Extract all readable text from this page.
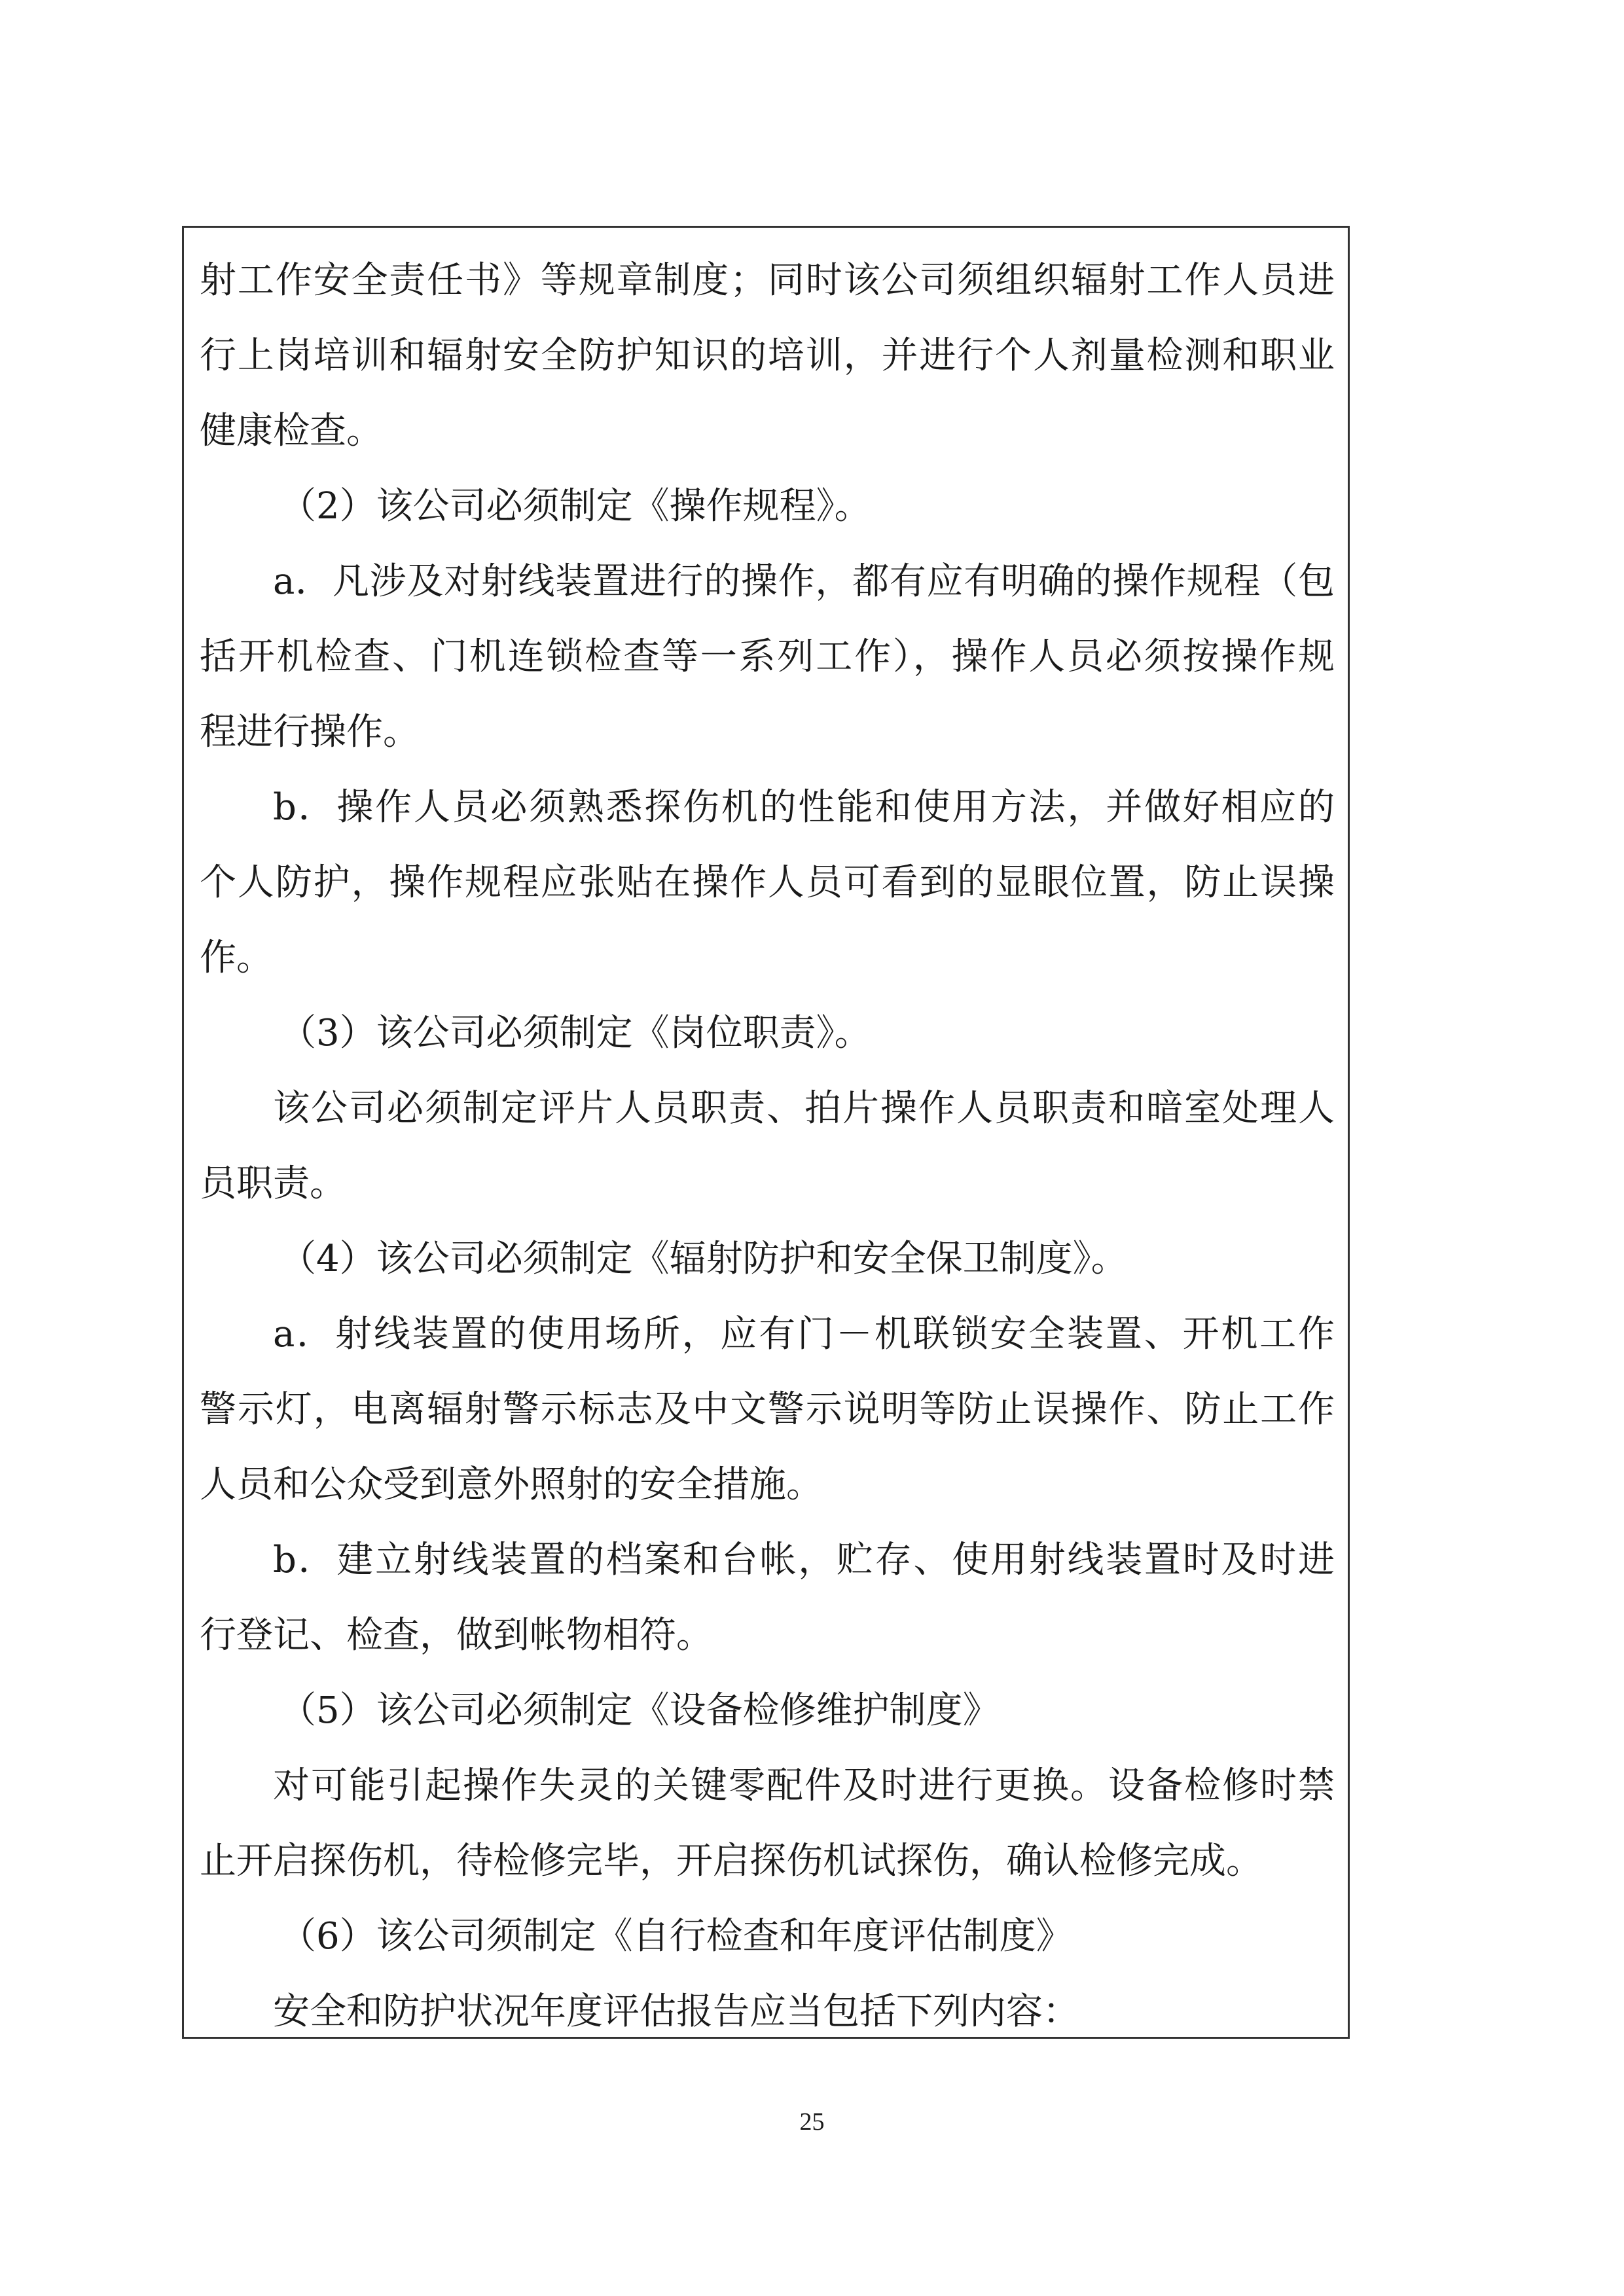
射工作安全责任书》等规章制度；同时该公司须组织辐射工作人员进
行上岗培训和辐射安全防护知识的培训，并进行个人剂量检测和职业
健康检查。
（2）该公司必须制定《操作规程》。
a．凡涉及对射线装置进行的操作，都有应有明确的操作规程（包
括开机检查、门机连锁检查等一系列工作），操作人员必须按操作规
程进行操作。
b．操作人员必须熟悉探伤机的性能和使用方法，并做好相应的
个人防护，操作规程应张贴在操作人员可看到的显眼位置，防止误操
作。
（3）该公司必须制定《岗位职责》。
该公司必须制定评片人员职责、拍片操作人员职责和暗室处理人
员职责。
（4）该公司必须制定《辐射防护和安全保卫制度》。
a．射线装置的使用场所，应有门－机联锁安全装置、开机工作
警示灯，电离辐射警示标志及中文警示说明等防止误操作、防止工作
人员和公众受到意外照射的安全措施。
b．建立射线装置的档案和台帐，贮存、使用射线装置时及时进
行登记、检查，做到帐物相符。
（5）该公司必须制定《设备检修维护制度》
对可能引起操作失灵的关键零配件及时进行更换。设备检修时禁
止开启探伤机，待检修完毕，开启探伤机试探伤，确认检修完成。
（6）该公司须制定《自行检查和年度评估制度》
安全和防护状况年度评估报告应当包括下列内容：
25
